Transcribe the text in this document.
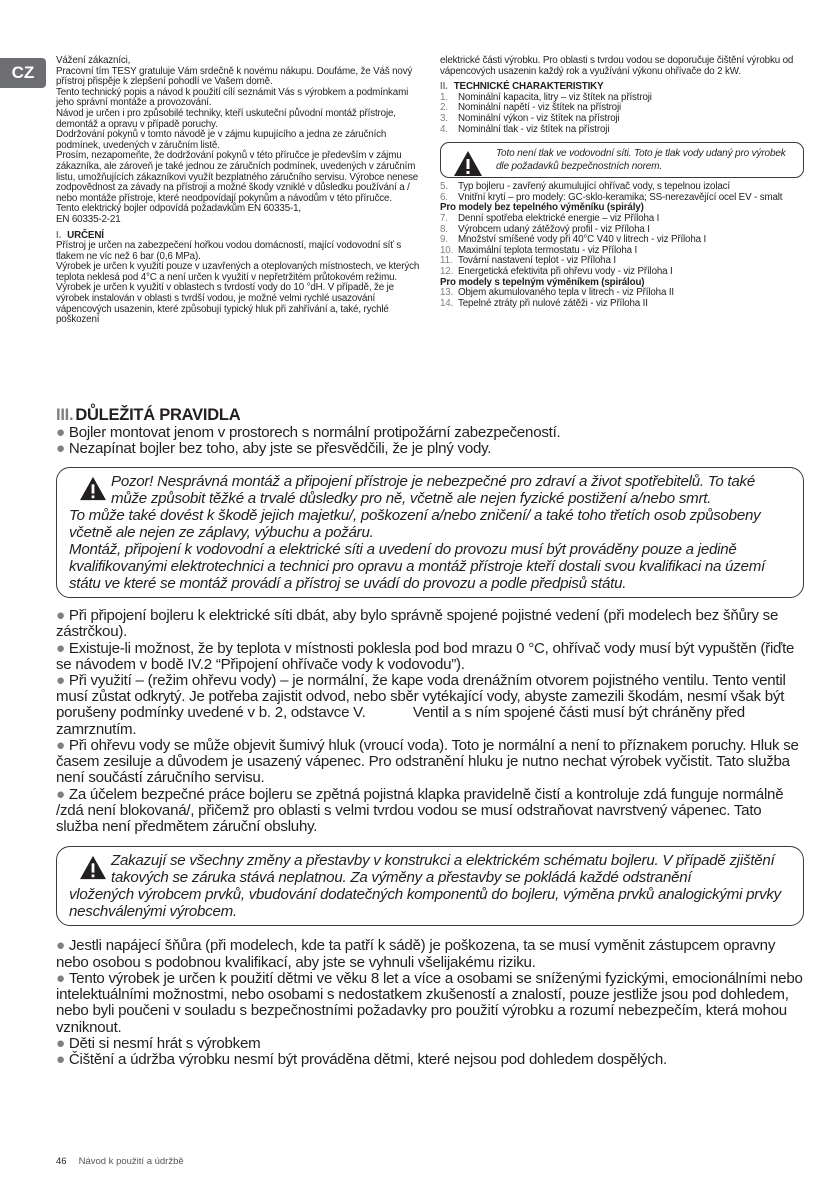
CZ

Vážení zákazníci,

Pracovní tím TESY gratuluje Vám srdečně k novému nákupu. Doufáme, že Váš nový přístroj přispěje k zlepšení pohodlí ve Vašem domě.

Tento technický popis a návod k použití cílí seznámit Vás s výrobkem a podmínkami jeho správní montáže a provozování.

Návod je určen i pro způsobilé techniky, kteří uskuteční původní montáž přístroje, demontáž a opravu v případě poruchy.

Dodržování pokynů v tomto návodě je v zájmu kupujícího a jedna ze záručních podmínek, uvedených v záručním listě.

Prosím, nezapomeňte, že dodržování pokynů v této příručce je především v zájmu zákazníka, ale zároveň je také jednou ze záručních podmínek, uvedených v záručním listu, umožňujících zákazníkovi využít bezplatného záručního servisu. Výrobce nenese zodpovědnost za závady na přístroji a možné škody vzniklé v důsledku používání a / nebo montáže přístroje, které neodpovídají pokynům a návodům v této příručce.

Tento elektrický bojler odpovídá požadavkům EN 60335-1,

EN 60335-2-21

I. URČENÍ

Přístroj je určen na zabezpečení hořkou vodou domácností, mající vodovodní síť s tlakem ne víc než 6 bar (0,6 MPa).

Výrobek je určen k využití pouze v uzavřených a oteplovaných místnostech, ve kterých teplota neklesá pod 4°C a není určen k využití v nepřetržitém průtokovém režimu. Výrobek je určen k využití v oblastech s tvrdostí vody do 10 °dH. V případě, že je výrobek instalován v oblasti s tvrdší vodou, je možné velmi rychlé usazování vápencových usazenin, které způsobují typický hluk při zahřívání a, také, rychlé poškození

elektrické části výrobku. Pro oblasti s tvrdou vodou se doporučuje čištění výrobku od vápencových usazenin každý rok a využívání výkonu ohřívače do 2 kW.

II. TECHNICKÉ CHARAKTERISTIKY
1.	Nominální kapacita, litry – viz štítek na přístroji
2.	Nominální napětí - viz štítek na přístroji
3.	Nominální výkon - viz štítek na přístroji
4.	Nominální tlak - viz štítek na přístroji
Toto není tlak ve vodovodní síti. Toto je tlak vody udaný pro výrobek dle požadavků bezpečnostních norem.
5.	Typ bojleru - zavřený akumulující ohřívač vody, s tepelnou izolací
6.	Vnitřní krytí – pro modely: GC-sklo-keramika; SS-nerezavějící ocel EV - smalt

Pro modely bez tepelného výměníku (spirály)

7.	Denní spotřeba elektrické energie – viz Příloha I
8.	Výrobcem udaný zátěžový profil - viz Příloha I
9.	Množství smíšené vody při 40°C V40 v litrech - viz Příloha I
10. Maximální teplota termostatu - viz Příloha I
11. Tovární nastavení teplot - viz Příloha I
12. Energetická efektivita při ohřevu vody - viz Příloha I

Pro modely s tepelným výměníkem (spirálou)

13. Objem akumulovaného tepla v litrech - viz Příloha II
14. Tepelné ztráty při nulové zátěži - viz Příloha II
III. DŮLEŽITÁ PRAVIDLA

● Bojler montovat jenom v prostorech s normální protipožární zabezpečeností.

● Nezapínat bojler bez toho, aby jste se přesvědčili, že je plný vody.

Pozor! Nesprávná montáž a připojení přístroje je nebezpečné pro zdraví a život spotřebitelů. To také může způsobit těžké a trvalé důsledky pro ně, včetně ale nejen fyzické postižení a/nebo smrt.

To může také dovést k škodě jejich majetku/, poškození a/nebo zničení/ a také toho třetích osob způsobeny včetně ale nejen ze záplavy, výbuchu a požáru.

Montáž, připojení k vodovodní a elektrické síti a uvedení do provozu musí být prováděny pouze a jedině kvalifikovanými elektrotechnici a technici pro opravu a montáž přístroje kteří dostali svou kvalifikaci na území státu ve které se montáž provádí a přístroj se uvádí do provozu a podle předpisů státu.

● Při připojení bojleru k elektrické síti dbát, aby bylo správně spojené pojistné vedení (při modelech bez šňůry se zástrčkou).

● Existuje-li možnost, že by teplota v místnosti poklesla pod bod mrazu 0 °C, ohřívač vody musí být vypuštěn (řiďte se návodem v bodě IV.2 “Připojení ohřívače vody k vodovodu”).

● Při využití – (režim ohřevu vody) – je normální, že kape voda drenážním otvorem pojistného ventilu. Tento ventil musí zůstat odkrytý. Je potřeba zajistit odvod, nebo sběr vytékající vody, abyste zamezili škodám, nesmí však být porušeny podmínky uvedené v b. 2, odstavce V.            Ventil a s ním spojené části musí být chráněny před zamrznutím.

● Při ohřevu vody se může objevit šumivý hluk (vroucí voda). Toto je normální a není to příznakem poruchy. Hluk se časem zesiluje a důvodem je usazený vápenec. Pro odstranění hluku je nutno nechat výrobek vyčistit. Tato služba není součástí záručního servisu.

● Za účelem bezpečné práce bojleru se zpětná pojistná klapka pravidelně čistí a kontroluje zdá funguje normálně /zdá není blokovaná/, přičemž pro oblasti s velmi tvrdou vodou se musí odstraňovat navrstvený vápenec. Tato služba není předmětem záruční obsluhy.

Zakazují se všechny změny a přestavby v konstrukci a elektrickém schématu bojleru. V případě zjištění takových se záruka stává neplatnou. Za výměny a přestavby se pokládá každé odstranění

vložených výrobcem prvků, vbudování dodatečných komponentů do bojleru, výměna prvků analogickými prvky neschválenými výrobcem.

● Jestli napájecí šňůra (při modelech, kde ta patří k sádě) je poškozena, ta se musí vyměnit zástupcem opravny nebo osobou s podobnou kvalifikací, aby jste se vyhnuli všelijakému riziku.

● Tento výrobek je určen k použití dětmi ve věku 8 let a více a osobami se sníženými fyzickými, emocionálními nebo intelektuálními možnostmi, nebo osobami s nedostatkem zkušeností a znalostí, pouze jestliže jsou pod dohledem, nebo byli poučeni v souladu s bezpečnostními požadavky pro použití výrobku a rozumí nebezpečím, která mohou vzniknout.

● Děti si nesmí hrát s výrobkem

● Čištění a údržba výrobku nesmí být prováděna dětmi, které nejsou pod dohledem dospělých.

46 Návod k použití a údržbě
